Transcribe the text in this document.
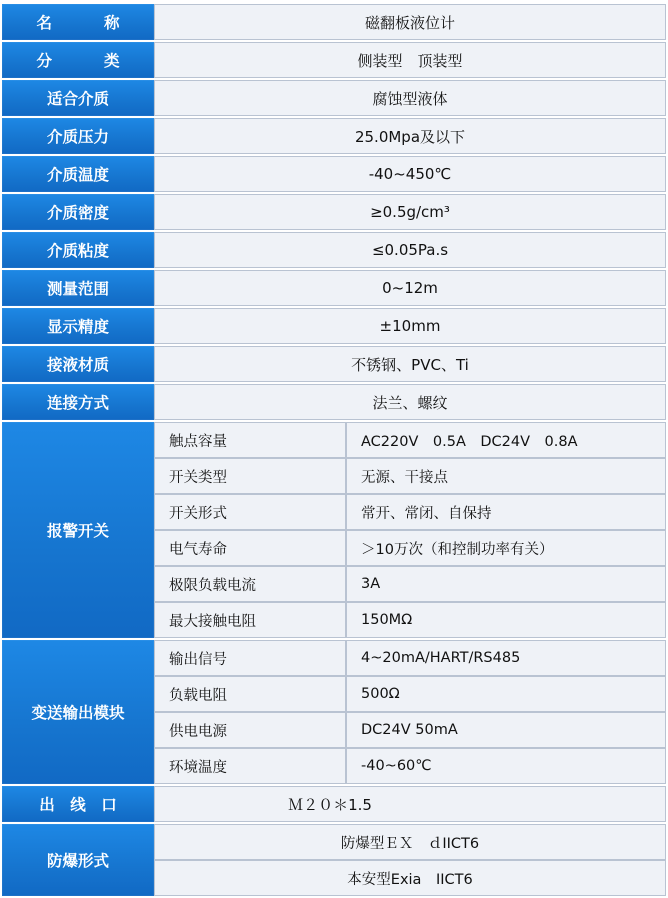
名　　称	磁翻板液位计
分　　类	侧装型　顶装型
适合介质	腐蚀型液体
介质压力	25.0Mpa及以下
介质温度	-40~450℃
介质密度	≥0.5g/cm³
介质粘度	≤0.05Pa.s
测量范围	0~12m
显示精度	±10mm
接液材质	不锈钢、PVC、Ti
连接方式	法兰、螺纹
报警开关	
触点容量	AC220V　0.5A　DC24V　0.8A
开关类型	无源、干接点
开关形式	常开、常闭、自保持
电气寿命	＞10万次（和控制功率有关）
极限负载电流	3A
最大接触电阻	150MΩ

变送输出模块	
输出信号	4~20mA/HART/RS485
负载电阻	500Ω
供电电源	DC24V 50mA
环境温度	-40~60℃

出　线　口	Ｍ２０＊1.5
防爆形式	
防爆型ＥＸ　ｄIICT6
本安型Exia　IICT6
